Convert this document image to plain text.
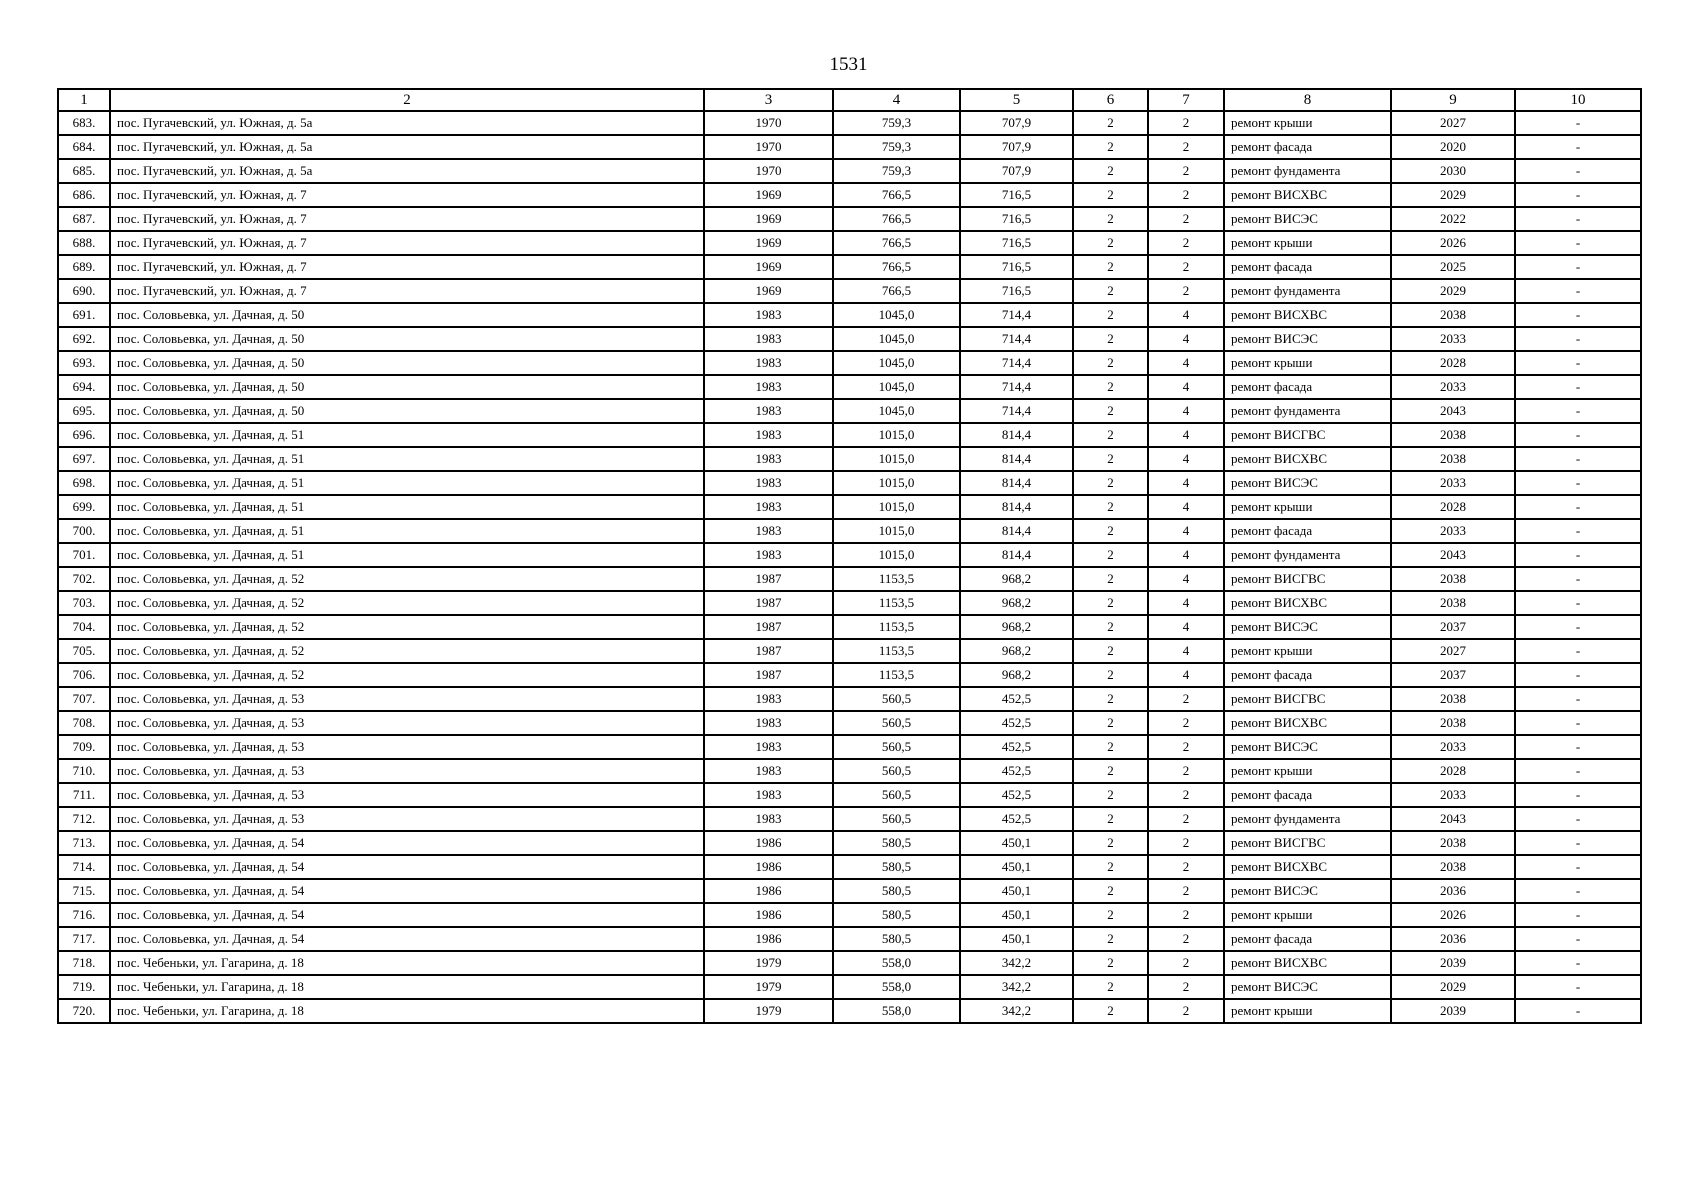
1531
1	2	3	4	5	6	7	8	9	10
683.	пос. Пугачевский, ул. Южная, д. 5а	1970	759,3	707,9	2	2	ремонт крыши	2027	-
684.	пос. Пугачевский, ул. Южная, д. 5а	1970	759,3	707,9	2	2	ремонт фасада	2020	-
685.	пос. Пугачевский, ул. Южная, д. 5а	1970	759,3	707,9	2	2	ремонт фундамента	2030	-
686.	пос. Пугачевский, ул. Южная, д. 7	1969	766,5	716,5	2	2	ремонт ВИСХВС	2029	-
687.	пос. Пугачевский, ул. Южная, д. 7	1969	766,5	716,5	2	2	ремонт ВИСЭС	2022	-
688.	пос. Пугачевский, ул. Южная, д. 7	1969	766,5	716,5	2	2	ремонт крыши	2026	-
689.	пос. Пугачевский, ул. Южная, д. 7	1969	766,5	716,5	2	2	ремонт фасада	2025	-
690.	пос. Пугачевский, ул. Южная, д. 7	1969	766,5	716,5	2	2	ремонт фундамента	2029	-
691.	пос. Соловьевка, ул. Дачная, д. 50	1983	1045,0	714,4	2	4	ремонт ВИСХВС	2038	-
692.	пос. Соловьевка, ул. Дачная, д. 50	1983	1045,0	714,4	2	4	ремонт ВИСЭС	2033	-
693.	пос. Соловьевка, ул. Дачная, д. 50	1983	1045,0	714,4	2	4	ремонт крыши	2028	-
694.	пос. Соловьевка, ул. Дачная, д. 50	1983	1045,0	714,4	2	4	ремонт фасада	2033	-
695.	пос. Соловьевка, ул. Дачная, д. 50	1983	1045,0	714,4	2	4	ремонт фундамента	2043	-
696.	пос. Соловьевка, ул. Дачная, д. 51	1983	1015,0	814,4	2	4	ремонт ВИСГВС	2038	-
697.	пос. Соловьевка, ул. Дачная, д. 51	1983	1015,0	814,4	2	4	ремонт ВИСХВС	2038	-
698.	пос. Соловьевка, ул. Дачная, д. 51	1983	1015,0	814,4	2	4	ремонт ВИСЭС	2033	-
699.	пос. Соловьевка, ул. Дачная, д. 51	1983	1015,0	814,4	2	4	ремонт крыши	2028	-
700.	пос. Соловьевка, ул. Дачная, д. 51	1983	1015,0	814,4	2	4	ремонт фасада	2033	-
701.	пос. Соловьевка, ул. Дачная, д. 51	1983	1015,0	814,4	2	4	ремонт фундамента	2043	-
702.	пос. Соловьевка, ул. Дачная, д. 52	1987	1153,5	968,2	2	4	ремонт ВИСГВС	2038	-
703.	пос. Соловьевка, ул. Дачная, д. 52	1987	1153,5	968,2	2	4	ремонт ВИСХВС	2038	-
704.	пос. Соловьевка, ул. Дачная, д. 52	1987	1153,5	968,2	2	4	ремонт ВИСЭС	2037	-
705.	пос. Соловьевка, ул. Дачная, д. 52	1987	1153,5	968,2	2	4	ремонт крыши	2027	-
706.	пос. Соловьевка, ул. Дачная, д. 52	1987	1153,5	968,2	2	4	ремонт фасада	2037	-
707.	пос. Соловьевка, ул. Дачная, д. 53	1983	560,5	452,5	2	2	ремонт ВИСГВС	2038	-
708.	пос. Соловьевка, ул. Дачная, д. 53	1983	560,5	452,5	2	2	ремонт ВИСХВС	2038	-
709.	пос. Соловьевка, ул. Дачная, д. 53	1983	560,5	452,5	2	2	ремонт ВИСЭС	2033	-
710.	пос. Соловьевка, ул. Дачная, д. 53	1983	560,5	452,5	2	2	ремонт крыши	2028	-
711.	пос. Соловьевка, ул. Дачная, д. 53	1983	560,5	452,5	2	2	ремонт фасада	2033	-
712.	пос. Соловьевка, ул. Дачная, д. 53	1983	560,5	452,5	2	2	ремонт фундамента	2043	-
713.	пос. Соловьевка, ул. Дачная, д. 54	1986	580,5	450,1	2	2	ремонт ВИСГВС	2038	-
714.	пос. Соловьевка, ул. Дачная, д. 54	1986	580,5	450,1	2	2	ремонт ВИСХВС	2038	-
715.	пос. Соловьевка, ул. Дачная, д. 54	1986	580,5	450,1	2	2	ремонт ВИСЭС	2036	-
716.	пос. Соловьевка, ул. Дачная, д. 54	1986	580,5	450,1	2	2	ремонт крыши	2026	-
717.	пос. Соловьевка, ул. Дачная, д. 54	1986	580,5	450,1	2	2	ремонт фасада	2036	-
718.	пос. Чебеньки, ул. Гагарина, д. 18	1979	558,0	342,2	2	2	ремонт ВИСХВС	2039	-
719.	пос. Чебеньки, ул. Гагарина, д. 18	1979	558,0	342,2	2	2	ремонт ВИСЭС	2029	-
720.	пос. Чебеньки, ул. Гагарина, д. 18	1979	558,0	342,2	2	2	ремонт крыши	2039	-
